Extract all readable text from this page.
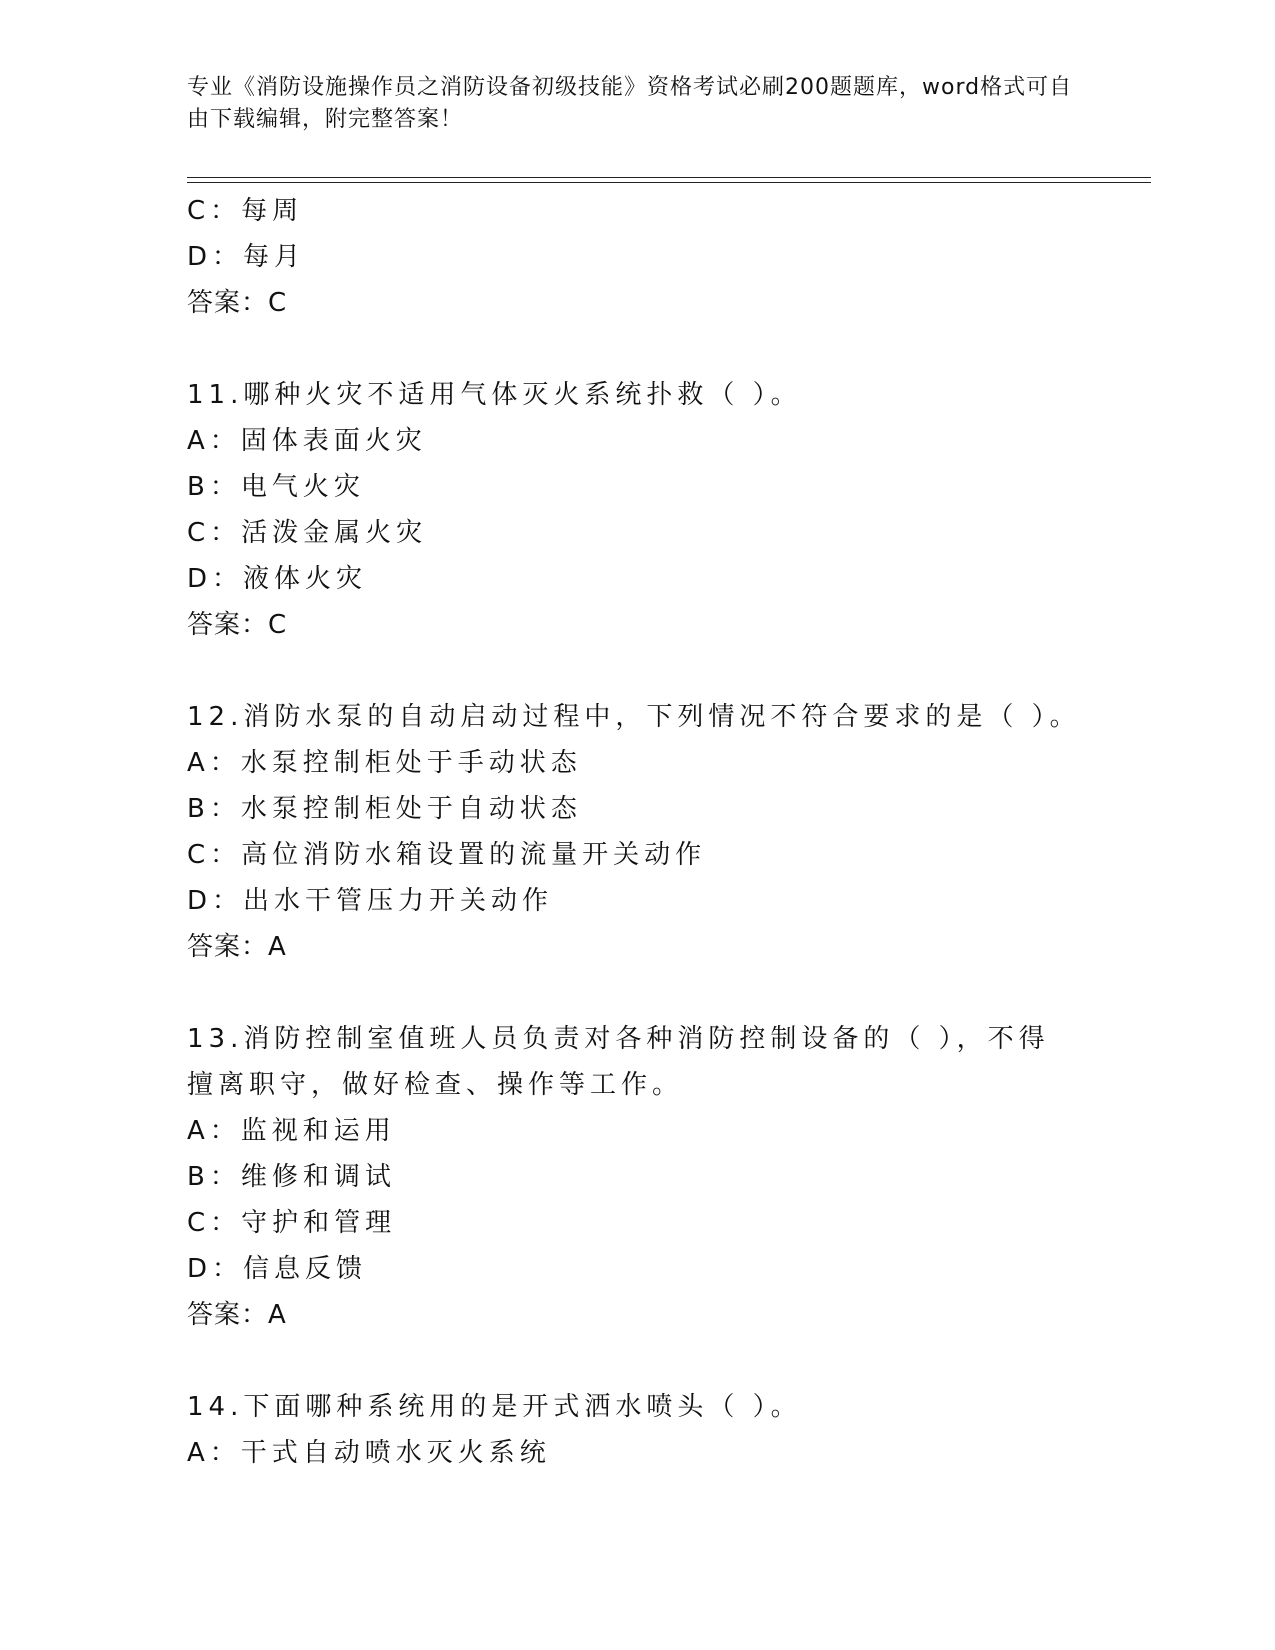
专业《消防设施操作员之消防设备初级技能》资格考试必刷200题题库，word格式可自由下载编辑，附完整答案！
C：每周
D：每月
答案：C
11.哪种火灾不适用气体灭火系统扑救（ ）。
A：固体表面火灾
B：电气火灾
C：活泼金属火灾
D：液体火灾
答案：C
12.消防水泵的自动启动过程中，下列情况不符合要求的是（ ）。
A：水泵控制柜处于手动状态
B：水泵控制柜处于自动状态
C：高位消防水箱设置的流量开关动作
D：出水干管压力开关动作
答案：A
13.消防控制室值班人员负责对各种消防控制设备的（ ），不得擅离职守，做好检查、操作等工作。
A：监视和运用
B：维修和调试
C：守护和管理
D：信息反馈
答案：A
14.下面哪种系统用的是开式洒水喷头（ ）。
A：干式自动喷水灭火系统
